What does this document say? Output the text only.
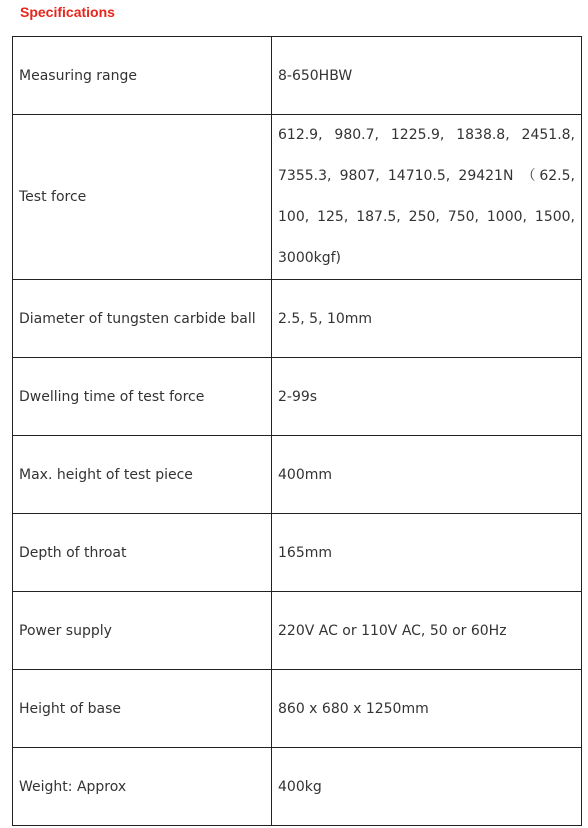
Specifications
Measuring range	8-650HBW
Test force	612.9, 980.7, 1225.9, 1838.8, 2451.8, 7355.3, 9807, 14710.5, 29421N （62.5, 100, 125, 187.5, 250, 750, 1000, 1500, 3000kgf)
Diameter of tungsten carbide ball	2.5, 5, 10mm
Dwelling time of test force	2-99s
Max. height of test piece	400mm
Depth of throat	165mm
Power supply	220V AC or 110V AC, 50 or 60Hz
Height of base	860 x 680 x 1250mm
Weight: Approx	400kg
